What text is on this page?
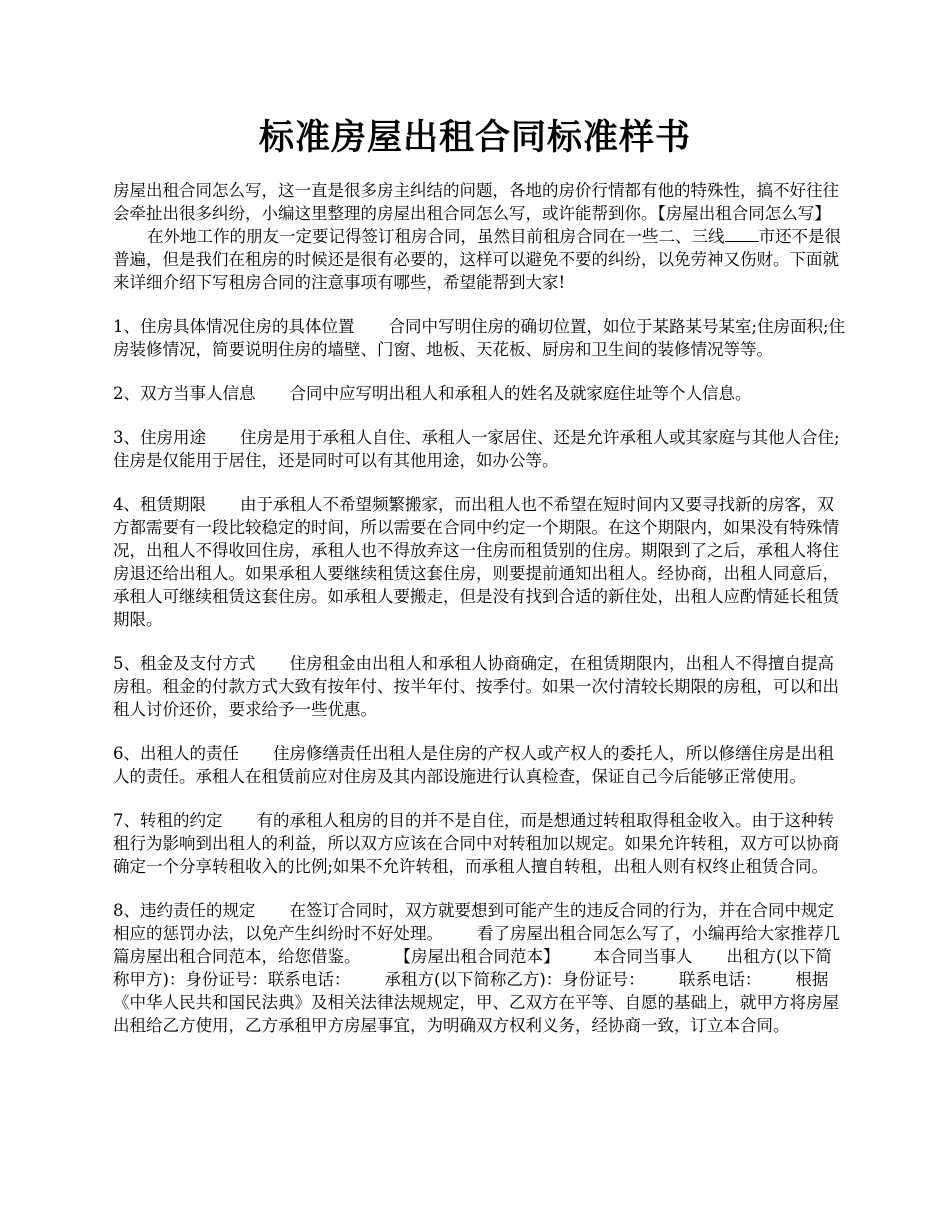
标准房屋出租合同标准样书

房屋出租合同怎么写，这一直是很多房主纠结的问题，各地的房价行情都有他的特殊性，搞不好往往会牵扯出很多纠纷，小编这里整理的房屋出租合同怎么写，或许能帮到你。【房屋出租合同怎么写】在外地工作的朋友一定要记得签订租房合同，虽然目前租房合同在一些二、三线 市还不是很普遍，但是我们在租房的时候还是很有必要的，这样可以避免不要的纠纷，以免劳神又伤财。下面就来详细介绍下写租房合同的注意事项有哪些，希望能帮到大家!

1、住房具体情况住房的具体位置 合同中写明住房的确切位置，如位于某路某号某室;住房面积;住房装修情况，简要说明住房的墙壁、门窗、地板、天花板、厨房和卫生间的装修情况等等。

2、双方当事人信息 合同中应写明出租人和承租人的姓名及就家庭住址等个人信息。

3、住房用途 住房是用于承租人自住、承租人一家居住、还是允许承租人或其家庭与其他人合住;住房是仅能用于居住，还是同时可以有其他用途，如办公等。

4、租赁期限 由于承租人不希望频繁搬家，而出租人也不希望在短时间内又要寻找新的房客，双方都需要有一段比较稳定的时间，所以需要在合同中约定一个期限。在这个期限内，如果没有特殊情况，出租人不得收回住房，承租人也不得放弃这一住房而租赁别的住房。期限到了之后，承租人将住房退还给出租人。如果承租人要继续租赁这套住房，则要提前通知出租人。经协商，出租人同意后，承租人可继续租赁这套住房。如承租人要搬走，但是没有找到合适的新住处，出租人应酌情延长租赁期限。

5、租金及支付方式 住房租金由出租人和承租人协商确定，在租赁期限内，出租人不得擅自提高房租。租金的付款方式大致有按年付、按半年付、按季付。如果一次付清较长期限的房租，可以和出租人讨价还价，要求给予一些优惠。

6、出租人的责任 住房修缮责任出租人是住房的产权人或产权人的委托人，所以修缮住房是出租人的责任。承租人在租赁前应对住房及其内部设施进行认真检查，保证自己今后能够正常使用。

7、转租的约定 有的承租人租房的目的并不是自住，而是想通过转租取得租金收入。由于这种转租行为影响到出租人的利益，所以双方应该在合同中对转租加以规定。如果允许转租，双方可以协商确定一个分享转租收入的比例;如果不允许转租，而承租人擅自转租，出租人则有权终止租赁合同。

8、违约责任的规定 在签订合同时，双方就要想到可能产生的违反合同的行为，并在合同中规定相应的惩罚办法，以免产生纠纷时不好处理。 看了房屋出租合同怎么写了，小编再给大家推荐几篇房屋出租合同范本，给您借鉴。 【房屋出租合同范本】 本合同当事人 出租方(以下简称甲方)：身份证号：联系电话： 承租方(以下简称乙方)：身份证号： 联系电话： 根据《中华人民共和国民法典》及相关法律法规规定，甲、乙双方在平等、自愿的基础上，就甲方将房屋出租给乙方使用，乙方承租甲方房屋事宜，为明确双方权利义务，经协商一致，订立本合同。
